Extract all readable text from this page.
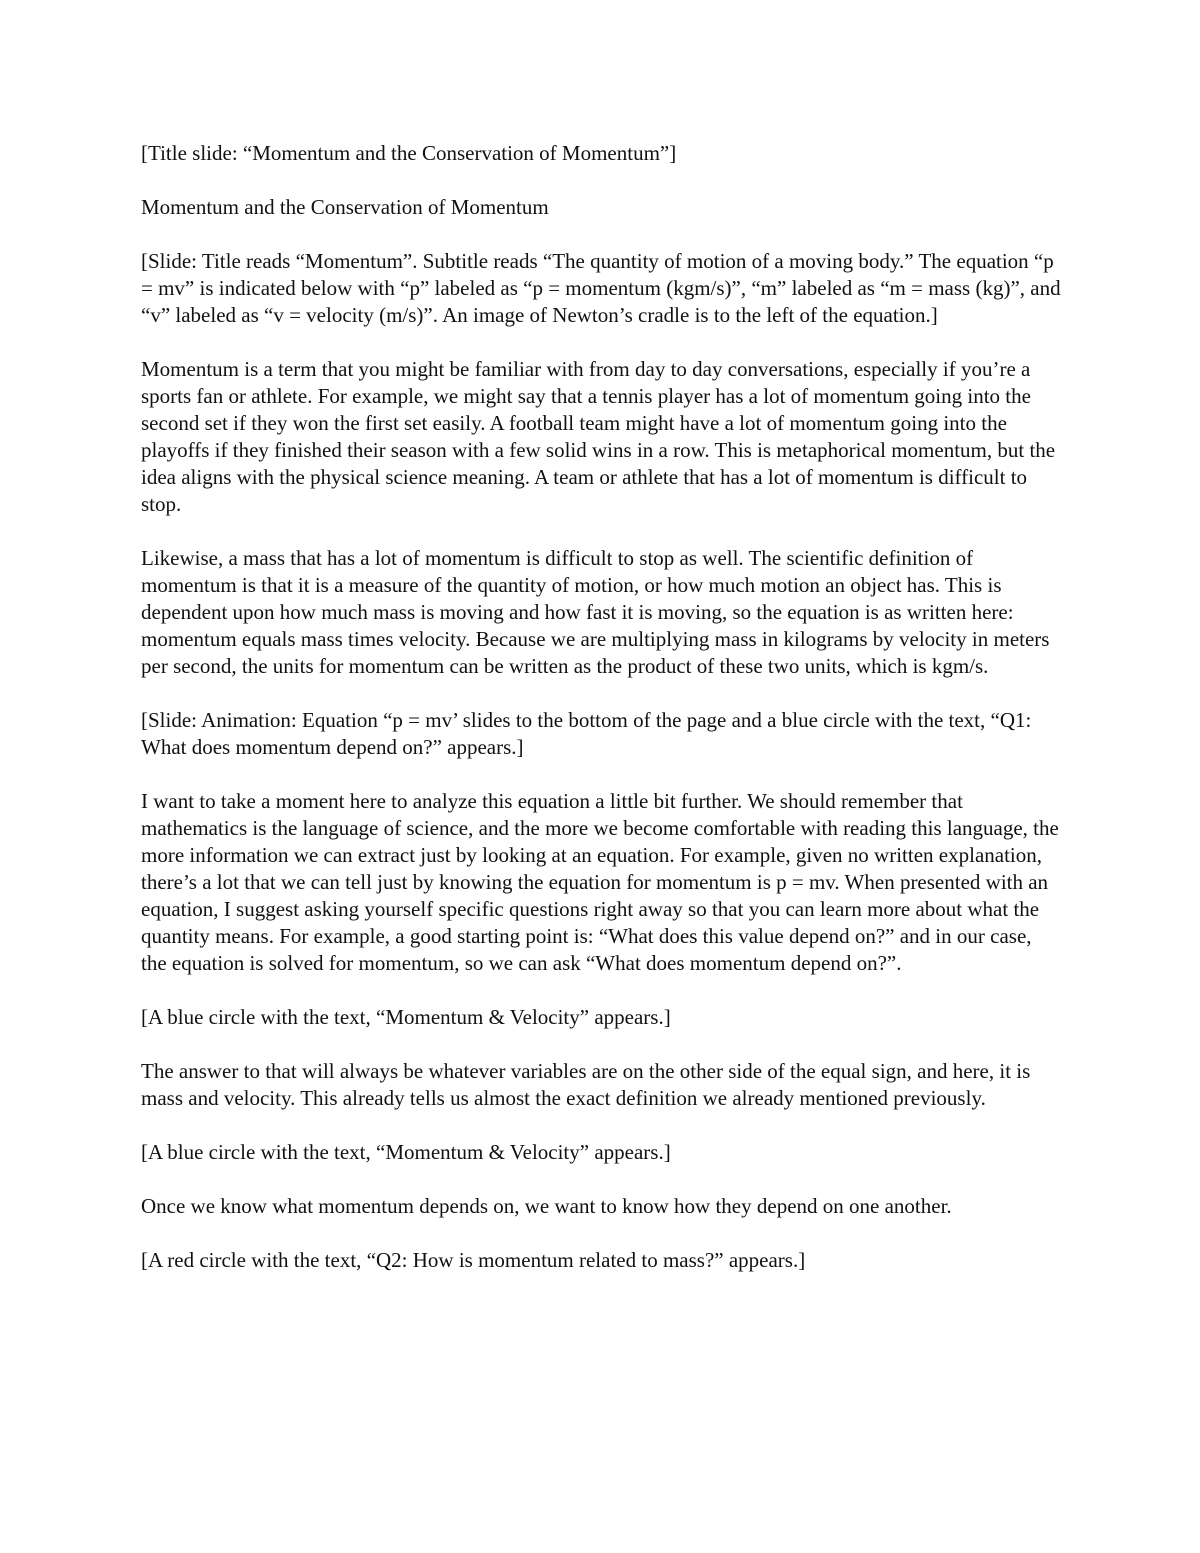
[Title slide: “Momentum and the Conservation of Momentum”]

Momentum and the Conservation of Momentum

[Slide: Title reads “Momentum”. Subtitle reads “The quantity of motion of a moving body.” The equation “p = mv” is indicated below with “p” labeled as “p = momentum (kgm/s)”, “m” labeled as “m = mass (kg)”, and “v” labeled as “v = velocity (m/s)”. An image of Newton’s cradle is to the left of the equation.]

Momentum is a term that you might be familiar with from day to day conversations, especially if you’re a sports fan or athlete. For example, we might say that a tennis player has a lot of momentum going into the second set if they won the first set easily. A football team might have a lot of momentum going into the playoffs if they finished their season with a few solid wins in a row. This is metaphorical momentum, but the idea aligns with the physical science meaning. A team or athlete that has a lot of momentum is difficult to stop.

Likewise, a mass that has a lot of momentum is difficult to stop as well. The scientific definition of momentum is that it is a measure of the quantity of motion, or how much motion an object has. This is dependent upon how much mass is moving and how fast it is moving, so the equation is as written here: momentum equals mass times velocity. Because we are multiplying mass in kilograms by velocity in meters per second, the units for momentum can be written as the product of these two units, which is kgm/s.

[Slide: Animation: Equation “p = mv’ slides to the bottom of the page and a blue circle with the text, “Q1: What does momentum depend on?” appears.]

I want to take a moment here to analyze this equation a little bit further. We should remember that mathematics is the language of science, and the more we become comfortable with reading this language, the more information we can extract just by looking at an equation. For example, given no written explanation, there’s a lot that we can tell just by knowing the equation for momentum is p = mv. When presented with an equation, I suggest asking yourself specific questions right away so that you can learn more about what the quantity means. For example, a good starting point is: “What does this value depend on?” and in our case, the equation is solved for momentum, so we can ask “What does momentum depend on?”.

[A blue circle with the text, “Momentum & Velocity” appears.]

The answer to that will always be whatever variables are on the other side of the equal sign, and here, it is mass and velocity. This already tells us almost the exact definition we already mentioned previously.

[A blue circle with the text, “Momentum & Velocity” appears.]

Once we know what momentum depends on, we want to know how they depend on one another.

[A red circle with the text, “Q2: How is momentum related to mass?” appears.]
